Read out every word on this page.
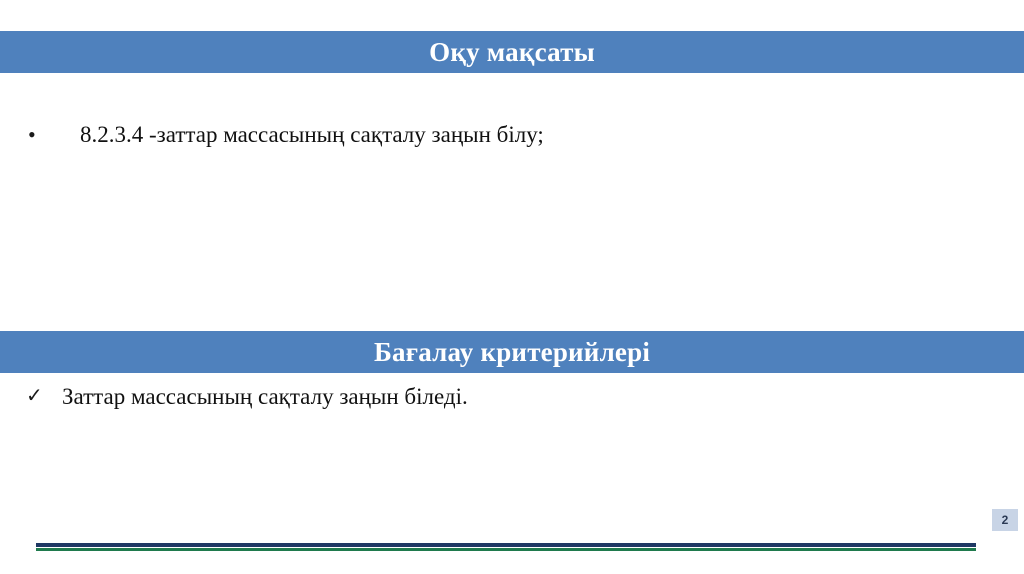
Оқу мақсаты
•	8.2.3.4 -заттар массасының сақталу заңын білу;
Бағалау критерийлері
✓ Заттар массасының сақталу заңын біледі.
2
